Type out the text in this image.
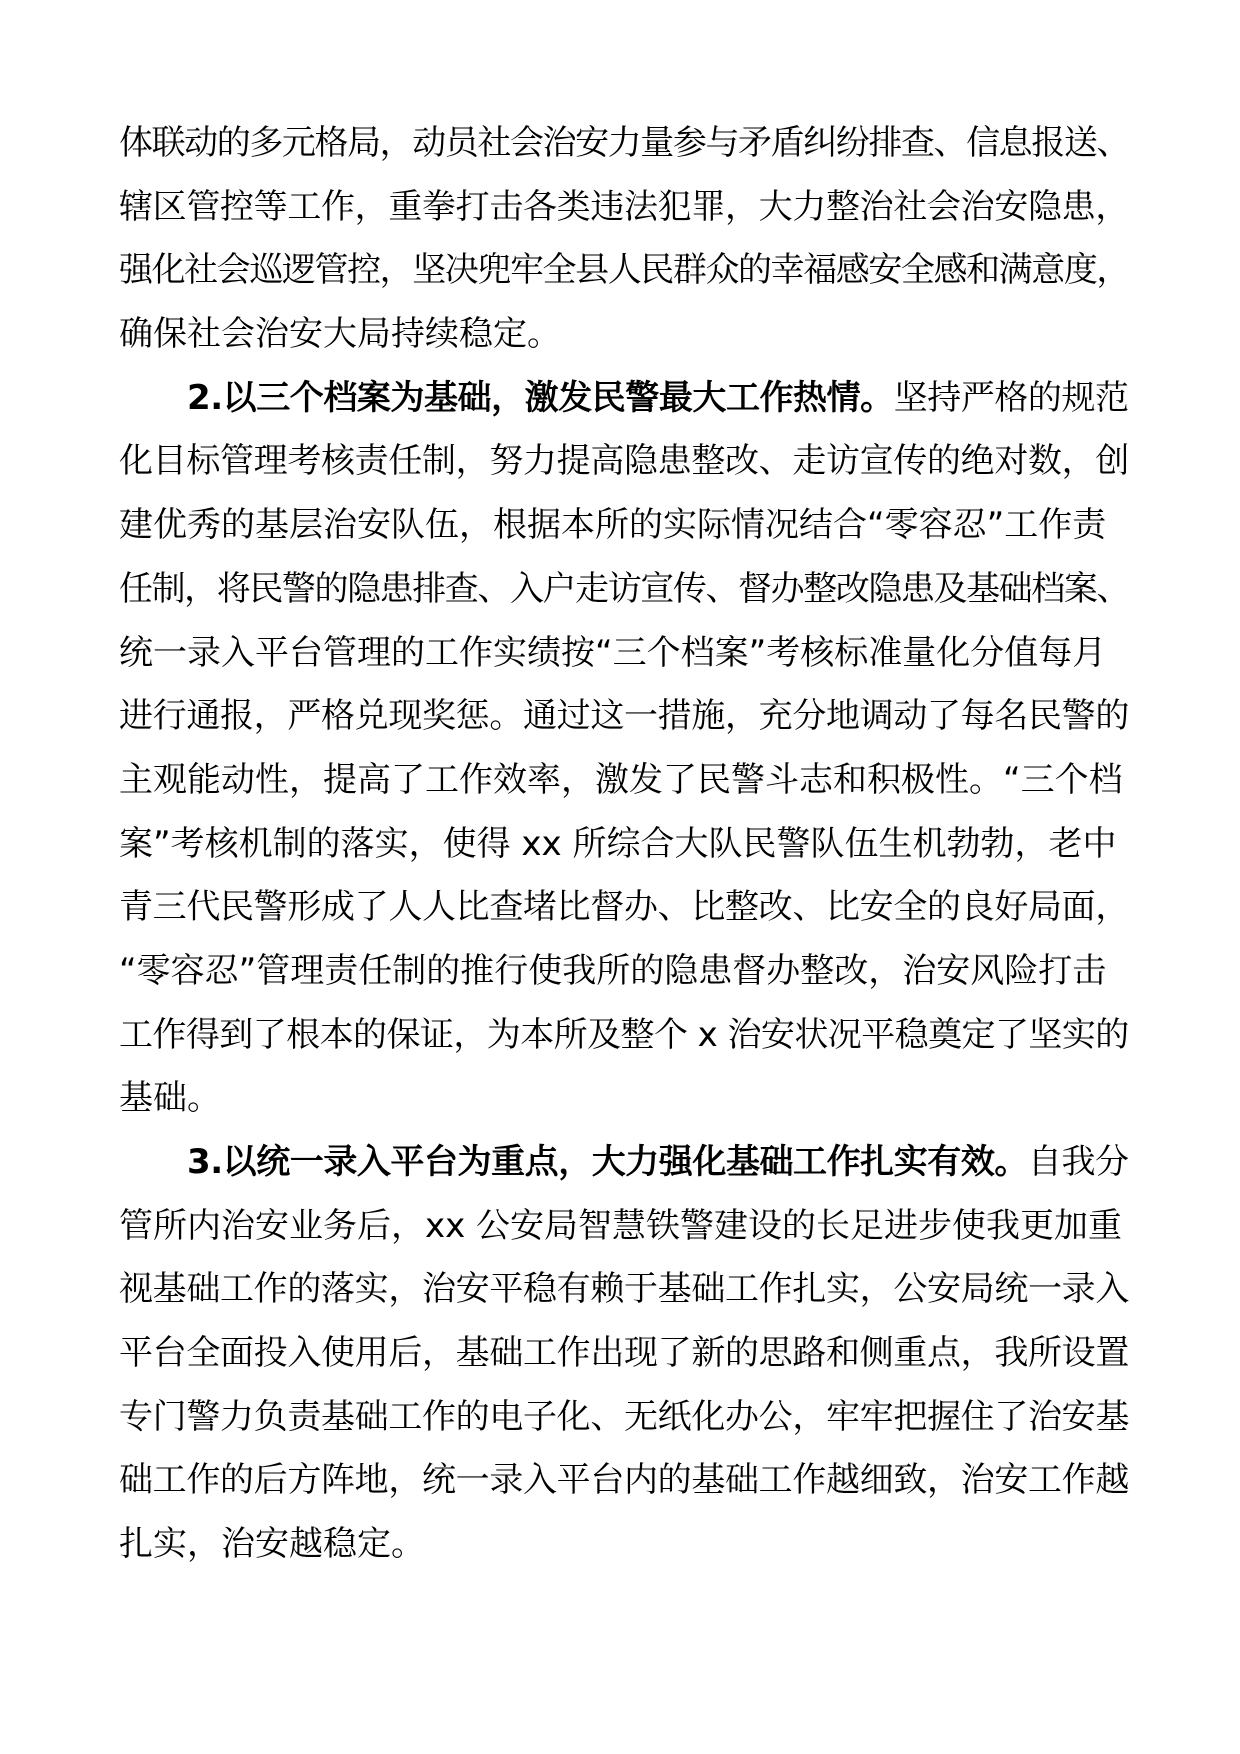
体联动的多元格局，动员社会治安力量参与矛盾纠纷排查、信息报送、
辖区管控等工作，重拳打击各类违法犯罪，大力整治社会治安隐患，
强化社会巡逻管控，坚决兜牢全县人民群众的幸福感安全感和满意度，
确保社会治安大局持续稳定。
2.以三个档案为基础，激发民警最大工作热情。坚持严格的规范
化目标管理考核责任制，努力提高隐患整改、走访宣传的绝对数，创
建优秀的基层治安队伍，根据本所的实际情况结合“零容忍”工作责
任制，将民警的隐患排查、入户走访宣传、督办整改隐患及基础档案、
统一录入平台管理的工作实绩按“三个档案”考核标准量化分值每月
进行通报，严格兑现奖惩。通过这一措施，充分地调动了每名民警的
主观能动性，提高了工作效率，激发了民警斗志和积极性。“三个档
案”考核机制的落实，使得 xx 所综合大队民警队伍生机勃勃，老中
青三代民警形成了人人比查堵比督办、比整改、比安全的良好局面，
“零容忍”管理责任制的推行使我所的隐患督办整改，治安风险打击
工作得到了根本的保证，为本所及整个 x 治安状况平稳奠定了坚实的
基础。
3.以统一录入平台为重点，大力强化基础工作扎实有效。自我分
管所内治安业务后，xx 公安局智慧铁警建设的长足进步使我更加重
视基础工作的落实，治安平稳有赖于基础工作扎实，公安局统一录入
平台全面投入使用后，基础工作出现了新的思路和侧重点，我所设置
专门警力负责基础工作的电子化、无纸化办公，牢牢把握住了治安基
础工作的后方阵地，统一录入平台内的基础工作越细致，治安工作越
扎实，治安越稳定。
